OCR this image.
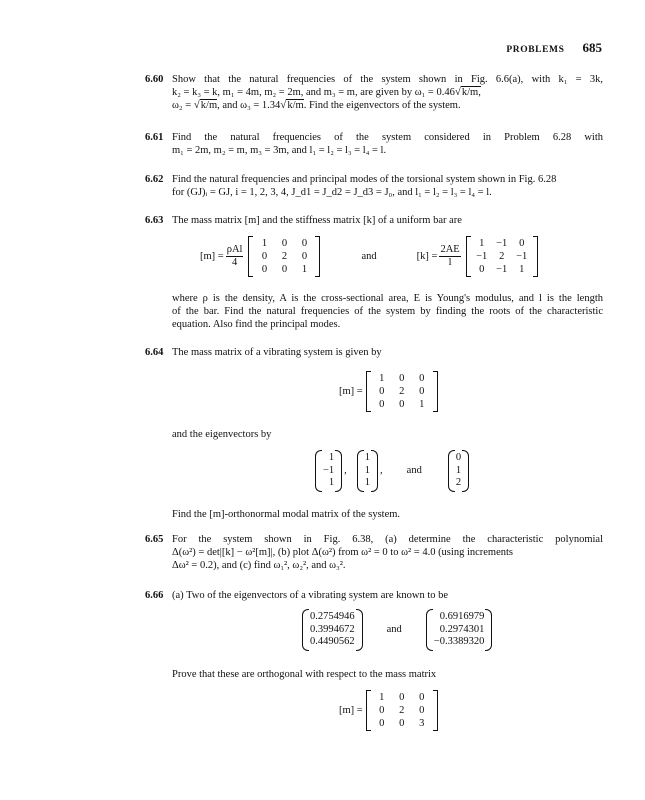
PROBLEMS 685
6.60 Show that the natural frequencies of the system shown in Fig. 6.6(a), with k₁ = 3k,
k₂ = k₃ = k, m₁ = 4m, m₂ = 2m, and m₃ = m, are given by ω₁ = 0.46√k/m,
ω₂ = √k/m, and ω₃ = 1.34√k/m. Find the eigenvectors of the system.
6.61 Find the natural frequencies of the system considered in Problem 6.28 with
m₁ = 2m, m₂ = m, m₃ = 3m, and l₁ = l₂ = l₃ = l₄ = l.
6.62 Find the natural frequencies and principal modes of the torsional system shown in Fig. 6.28
for (GJ)ᵢ = GJ, i = 1, 2, 3, 4, J_d1 = J_d2 = J_d3 = J₀, and l₁ = l₂ = l₃ = l₄ = l.
6.63 The mass matrix [m] and the stiffness matrix [k] of a uniform bar are
$[m] = \frac{\text{ρAl}}{4}$
1	0	0
0	2	0
0	0	1
and	$[k] = \frac{2AE}{l}$
1	−1	0
−1	2	−1
0	−1	1
where ρ is the density, A is the cross-sectional area, E is Young's modulus, and l is the length
of the bar. Find the natural frequencies of the system by finding the roots of the characteristic
equation. Also find the principal modes.
6.64 The mass matrix of a vibrating system is given by
[m] =
1	0	0
0	2	0
0	0	1
and the eigenvectors by
1
−1
1
,
1
1
1
, and
0
1
2
Find the [m]-orthonormal modal matrix of the system.
6.65 For the system shown in Fig. 6.38, (a) determine the characteristic polynomial
Δ(ω²) = det|[k] − ω²[m]|, (b) plot Δ(ω²) from ω² = 0 to ω² = 4.0 (using increments
Δω² = 0.2), and (c) find ω₁², ω₂², and ω₃².
6.66 (a) Two of the eigenvectors of a vibrating system are known to be
0.2754946
0.3994672
0.4490562
and
0.6916979
0.2974301
−0.3389320
Prove that these are orthogonal with respect to the mass matrix
[m] =
1	0	0
0	2	0
0	0	3
